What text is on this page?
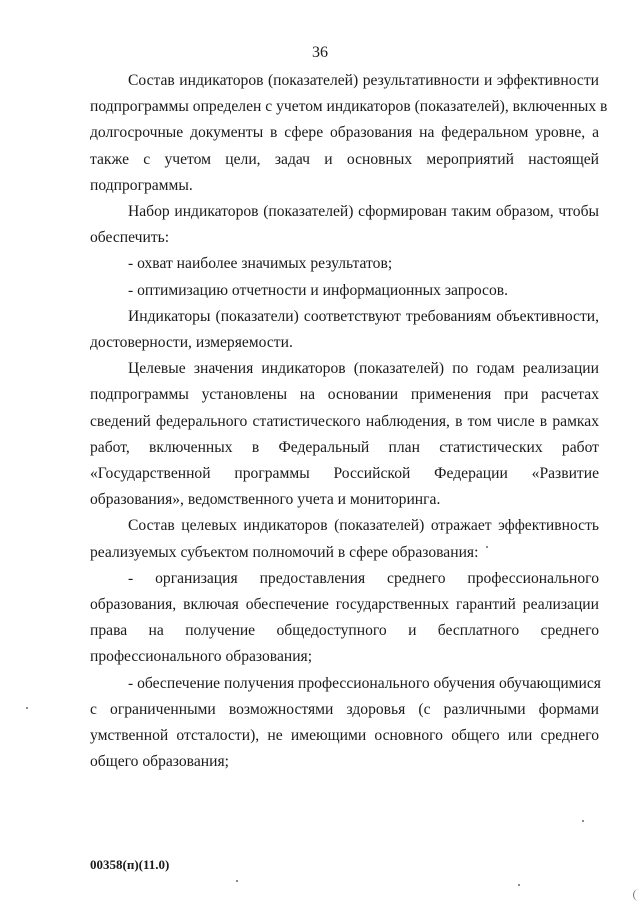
36

Состав индикаторов (показателей) результативности и эффективности
подпрограммы определен с учетом индикаторов (показателей), включенных в
долгосрочные документы в сфере образования на федеральном уровне, а
также с учетом цели, задач и основных мероприятий настоящей
подпрограммы.

Набор индикаторов (показателей) сформирован таким образом, чтобы
обеспечить:

- охват наиболее значимых результатов;

- оптимизацию отчетности и информационных запросов.

Индикаторы (показатели) соответствуют требованиям объективности,
достоверности, измеряемости.

Целевые значения индикаторов (показателей) по годам реализации
подпрограммы установлены на основании применения при расчетах
сведений федерального статистического наблюдения, в том числе в рамках
работ, включенных в Федеральный план статистических работ
«Государственной программы Российской Федерации «Развитие
образования», ведомственного учета и мониторинга.

Состав целевых индикаторов (показателей) отражает эффективность
реализуемых субъектом полномочий в сфере образования:

- организация предоставления среднего профессионального
образования, включая обеспечение государственных гарантий реализации
права на получение общедоступного и бесплатного среднего
профессионального образования;

- обеспечение получения профессионального обучения обучающимися
с ограниченными возможностями здоровья (с различными формами
умственной отсталости), не имеющими основного общего или среднего
общего образования;

00358(п)(11.0)
